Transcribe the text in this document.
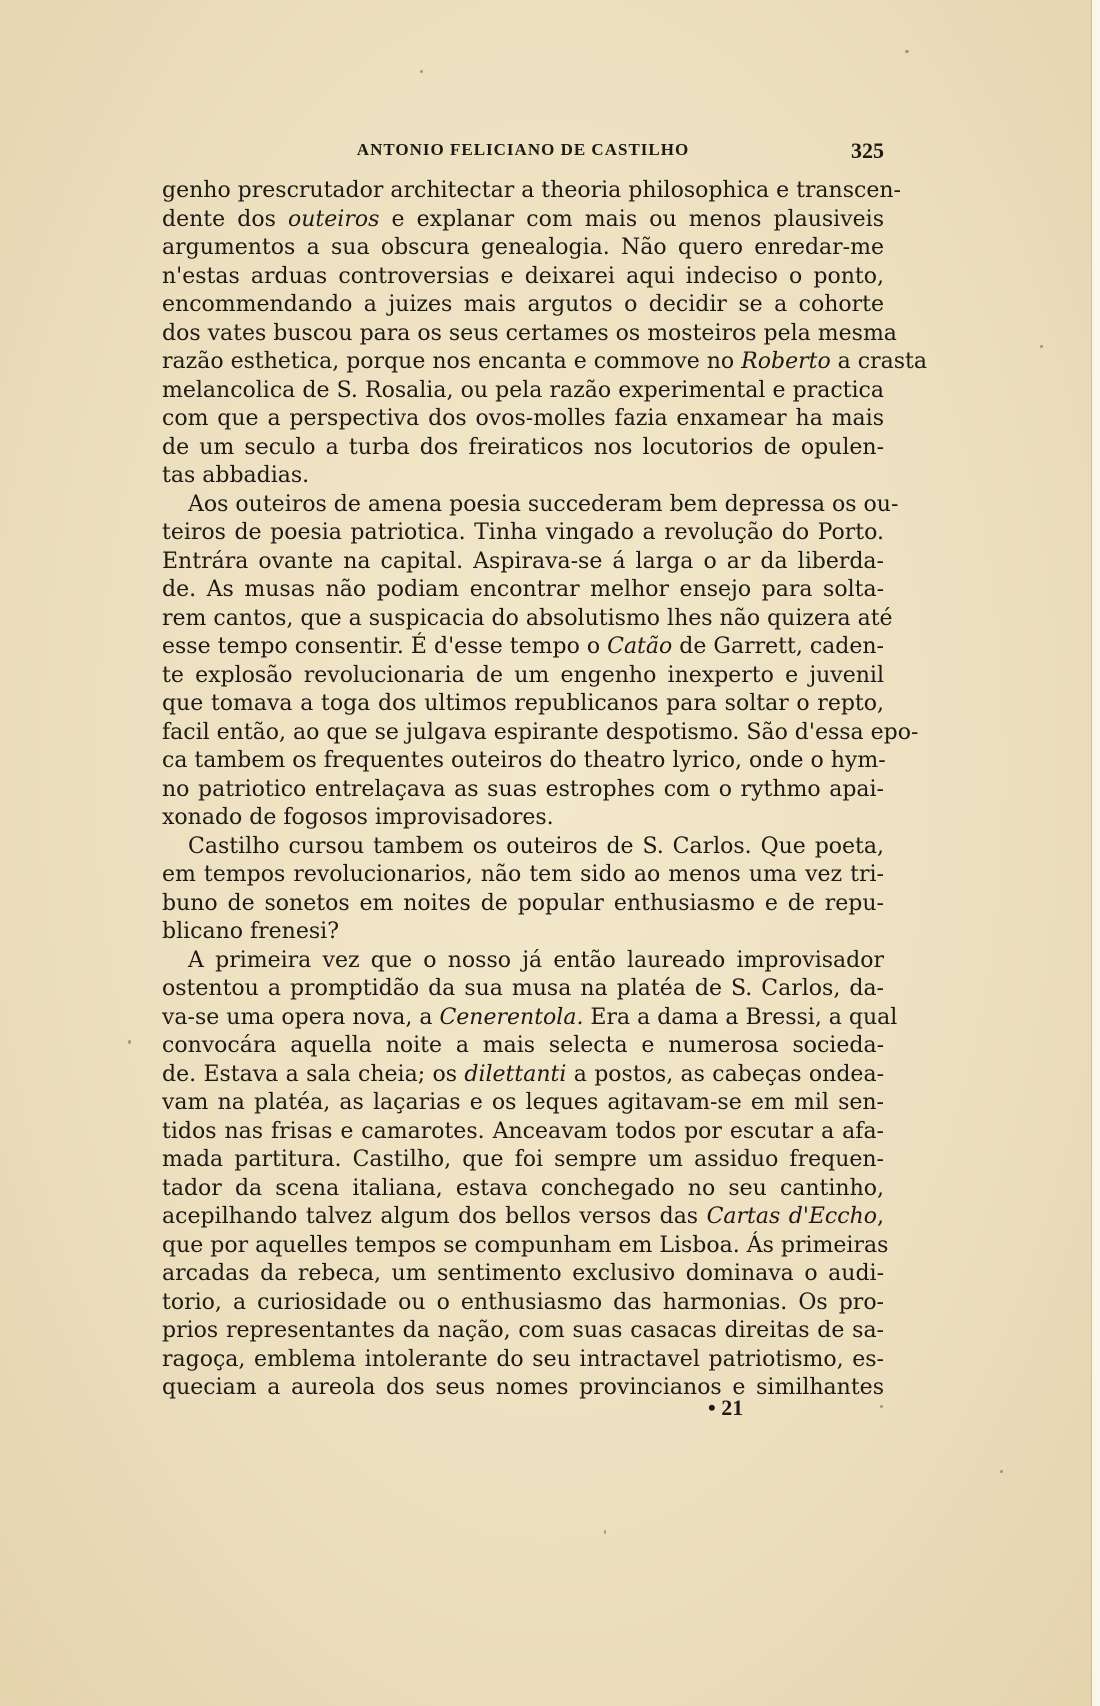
ANTONIO FELICIANO DE CASTILHO	325
genho prescrutador architectar a theoria philosophica e transcen-
dente dos outeiros e explanar com mais ou menos plausiveis
argumentos a sua obscura genealogia. Não quero enredar-me
n'estas arduas controversias e deixarei aqui indeciso o ponto,
encommendando a juizes mais argutos o decidir se a cohorte
dos vates buscou para os seus certames os mosteiros pela mesma
razão esthetica, porque nos encanta e commove no Roberto a crasta
melancolica de S. Rosalia, ou pela razão experimental e practica
com que a perspectiva dos ovos-molles fazia enxamear ha mais
de um seculo a turba dos freiraticos nos locutorios de opulen-
tas abbadias.
Aos outeiros de amena poesia succederam bem depressa os ou-
teiros de poesia patriotica. Tinha vingado a revolução do Porto.
Entrára ovante na capital. Aspirava-se á larga o ar da liberda-
de. As musas não podiam encontrar melhor ensejo para solta-
rem cantos, que a suspicacia do absolutismo lhes não quizera até
esse tempo consentir. É d'esse tempo o Catão de Garrett, caden-
te explosão revolucionaria de um engenho inexperto e juvenil
que tomava a toga dos ultimos republicanos para soltar o repto,
facil então, ao que se julgava espirante despotismo. São d'essa epo-
ca tambem os frequentes outeiros do theatro lyrico, onde o hym-
no patriotico entrelaçava as suas estrophes com o rythmo apai-
xonado de fogosos improvisadores.
Castilho cursou tambem os outeiros de S. Carlos. Que poeta,
em tempos revolucionarios, não tem sido ao menos uma vez tri-
buno de sonetos em noites de popular enthusiasmo e de repu-
blicano frenesi?
A primeira vez que o nosso já então laureado improvisador
ostentou a promptidão da sua musa na platéa de S. Carlos, da-
va-se uma opera nova, a Cenerentola. Era a dama a Bressi, a qual
convocára aquella noite a mais selecta e numerosa socieda-
de. Estava a sala cheia; os dilettanti a postos, as cabeças ondea-
vam na platéa, as laçarias e os leques agitavam-se em mil sen-
tidos nas frisas e camarotes. Anceavam todos por escutar a afa-
mada partitura. Castilho, que foi sempre um assiduo frequen-
tador da scena italiana, estava conchegado no seu cantinho,
acepilhando talvez algum dos bellos versos das Cartas d'Eccho,
que por aquelles tempos se compunham em Lisboa. Ás primeiras
arcadas da rebeca, um sentimento exclusivo dominava o audi-
torio, a curiosidade ou o enthusiasmo das harmonias. Os pro-
prios representantes da nação, com suas casacas direitas de sa-
ragoça, emblema intolerante do seu intractavel patriotismo, es-
queciam a aureola dos seus nomes provincianos e similhantes
• 21
